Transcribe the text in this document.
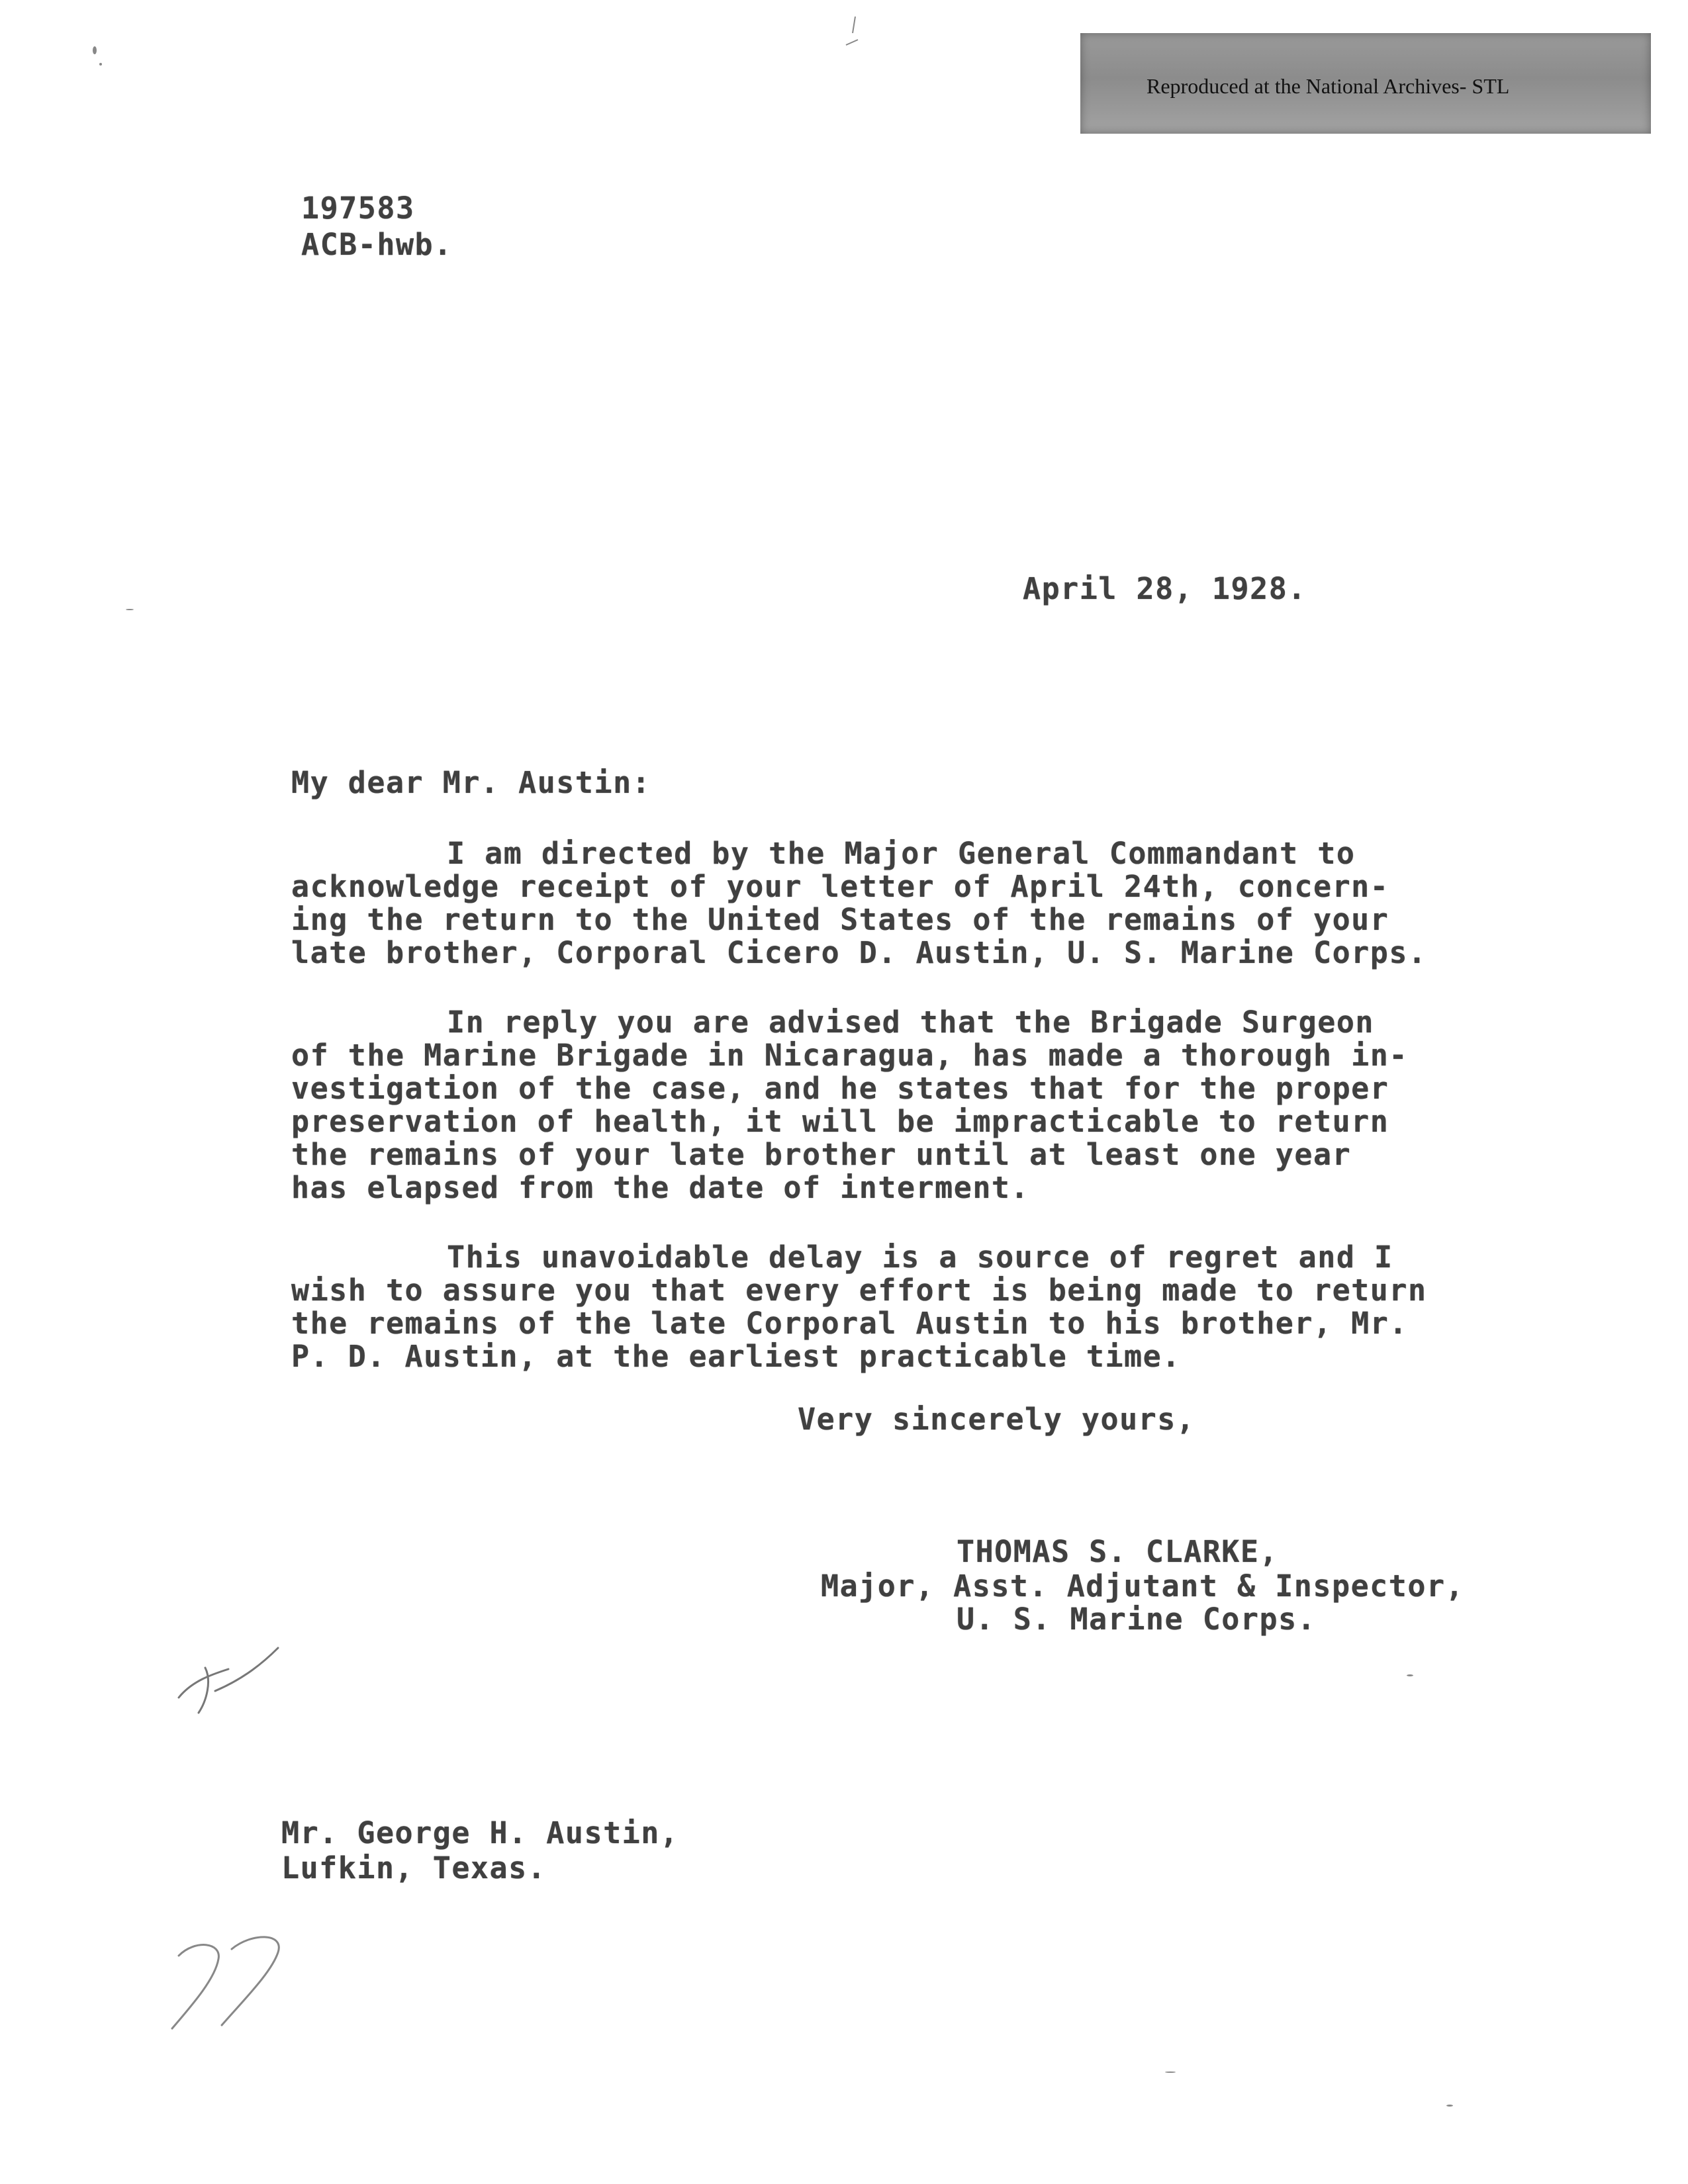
Reproduced at the National Archives- STL

197583

ACB-hwb.

April 28, 1928.

My dear Mr. Austin:

I am directed by the Major General Commandant to

acknowledge receipt of your letter of April 24th, concern-

ing the return to the United States of the remains of your

late brother, Corporal Cicero D. Austin, U. S. Marine Corps.

In reply you are advised that the Brigade Surgeon

of the Marine Brigade in Nicaragua, has made a thorough in-

vestigation of the case, and he states that for the proper

preservation of health, it will be impracticable to return

the remains of your late brother until at least one year

has elapsed from the date of interment.

This unavoidable delay is a source of regret and I

wish to assure you that every effort is being made to return

the remains of the late Corporal Austin to his brother, Mr.

P. D. Austin, at the earliest practicable time.

Very sincerely yours,

THOMAS S. CLARKE,

Major, Asst. Adjutant & Inspector,

U. S. Marine Corps.

Mr. George H. Austin,

Lufkin, Texas.
